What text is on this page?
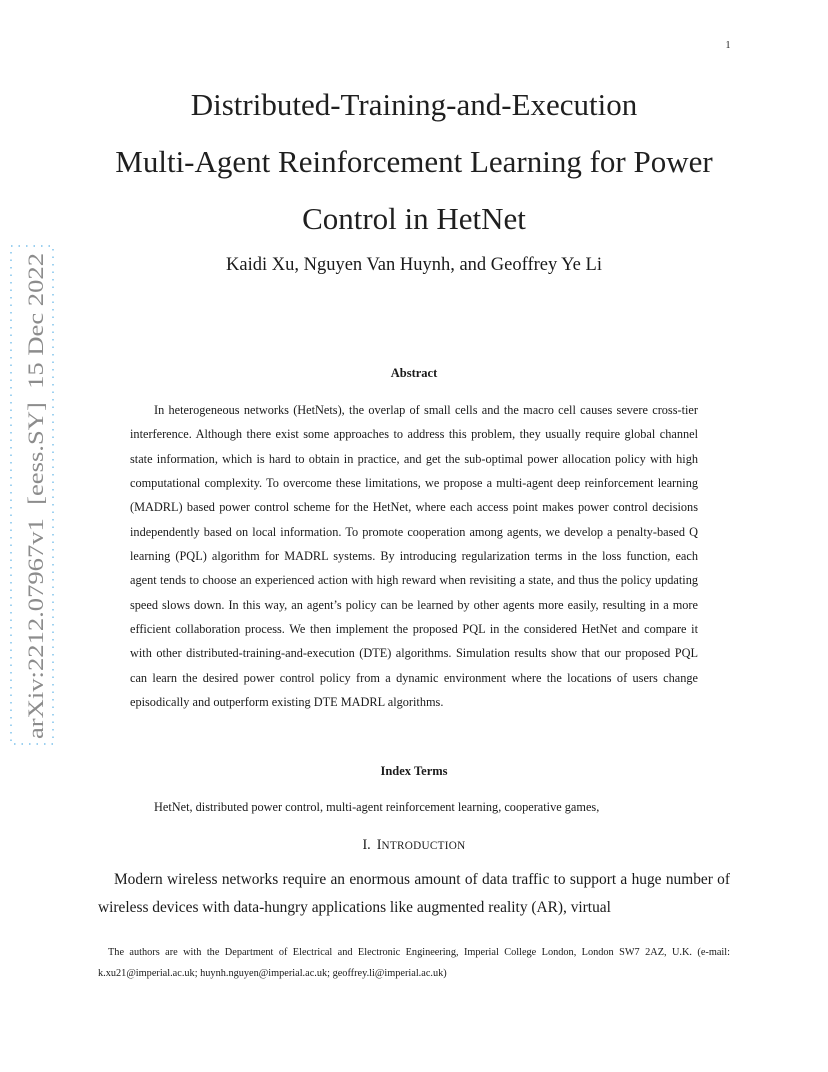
1
arXiv:2212.07967v1  [eess.SY]  15 Dec 2022
Distributed-Training-and-Execution
Multi-Agent Reinforcement Learning for Power
Control in HetNet
Kaidi Xu, Nguyen Van Huynh, and Geoffrey Ye Li
Abstract

In heterogeneous networks (HetNets), the overlap of small cells and the macro cell causes severe cross-tier interference. Although there exist some approaches to address this problem, they usually require global channel state information, which is hard to obtain in practice, and get the sub-optimal power allocation policy with high computational complexity. To overcome these limitations, we propose a multi-agent deep reinforcement learning (MADRL) based power control scheme for the HetNet, where each access point makes power control decisions independently based on local information. To promote cooperation among agents, we develop a penalty-based Q learning (PQL) algorithm for MADRL systems. By introducing regularization terms in the loss function, each agent tends to choose an experienced action with high reward when revisiting a state, and thus the policy updating speed slows down. In this way, an agent’s policy can be learned by other agents more easily, resulting in a more efficient collaboration process. We then implement the proposed PQL in the considered HetNet and compare it with other distributed-training-and-execution (DTE) algorithms. Simulation results show that our proposed PQL can learn the desired power control policy from a dynamic environment where the locations of users change episodically and outperform existing DTE MADRL algorithms.

Index Terms

HetNet, distributed power control, multi-agent reinforcement learning, cooperative games,

I. INTRODUCTION

Modern wireless networks require an enormous amount of data traffic to support a huge number of wireless devices with data-hungry applications like augmented reality (AR), virtual

The authors are with the Department of Electrical and Electronic Engineering, Imperial College London, London SW7 2AZ, U.K. (e-mail: k.xu21@imperial.ac.uk; huynh.nguyen@imperial.ac.uk; geoffrey.li@imperial.ac.uk)
